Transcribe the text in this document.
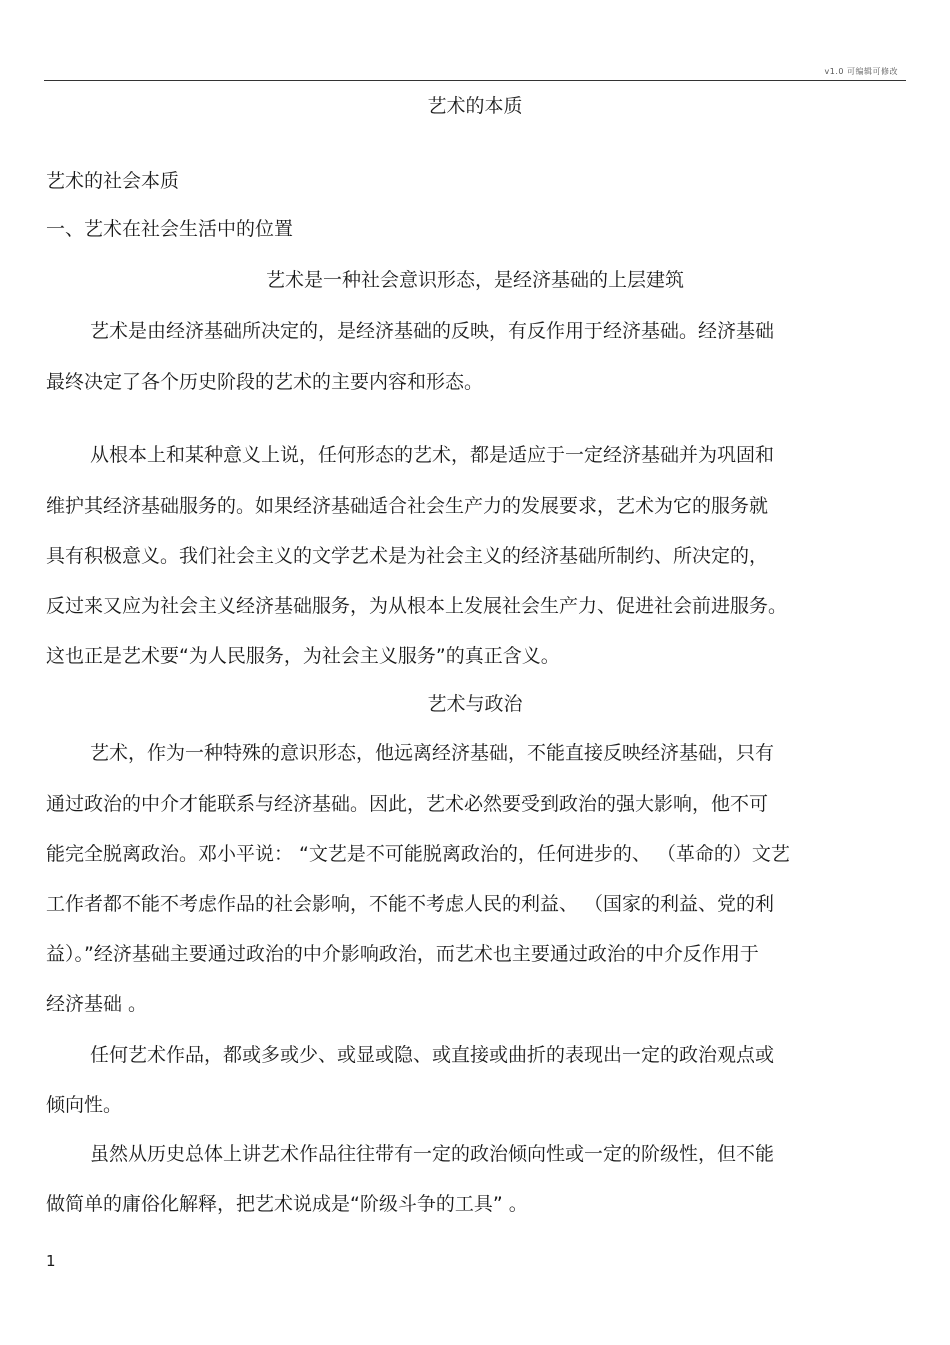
v1.0 可编辑可修改
艺术的本质
艺术的社会本质
一、艺术在社会生活中的位置
艺术是一种社会意识形态，是经济基础的上层建筑
艺术是由经济基础所决定的，是经济基础的反映，有反作用于经济基础。经济基础
最终决定了各个历史阶段的艺术的主要内容和形态。
从根本上和某种意义上说，任何形态的艺术，都是适应于一定经济基础并为巩固和
维护其经济基础服务的。如果经济基础适合社会生产力的发展要求，艺术为它的服务就
具有积极意义。我们社会主义的文学艺术是为社会主义的经济基础所制约、所决定的，
反过来又应为社会主义经济基础服务，为从根本上发展社会生产力、促进社会前进服务。
这也正是艺术要“为人民服务，为社会主义服务”的真正含义。
艺术与政治
艺术，作为一种特殊的意识形态，他远离经济基础，不能直接反映经济基础，只有
通过政治的中介才能联系与经济基础。因此，艺术必然要受到政治的强大影响，他不可
能完全脱离政治。邓小平说： “文艺是不可能脱离政治的，任何进步的、 （革命的）文艺
工作者都不能不考虑作品的社会影响，不能不考虑人民的利益、 （国家的利益、党的利
益）。”经济基础主要通过政治的中介影响政治，而艺术也主要通过政治的中介反作用于
经济基础 。
任何艺术作品，都或多或少、或显或隐、或直接或曲折的表现出一定的政治观点或
倾向性。
虽然从历史总体上讲艺术作品往往带有一定的政治倾向性或一定的阶级性，但不能
做简单的庸俗化解释，把艺术说成是“阶级斗争的工具” 。
1
